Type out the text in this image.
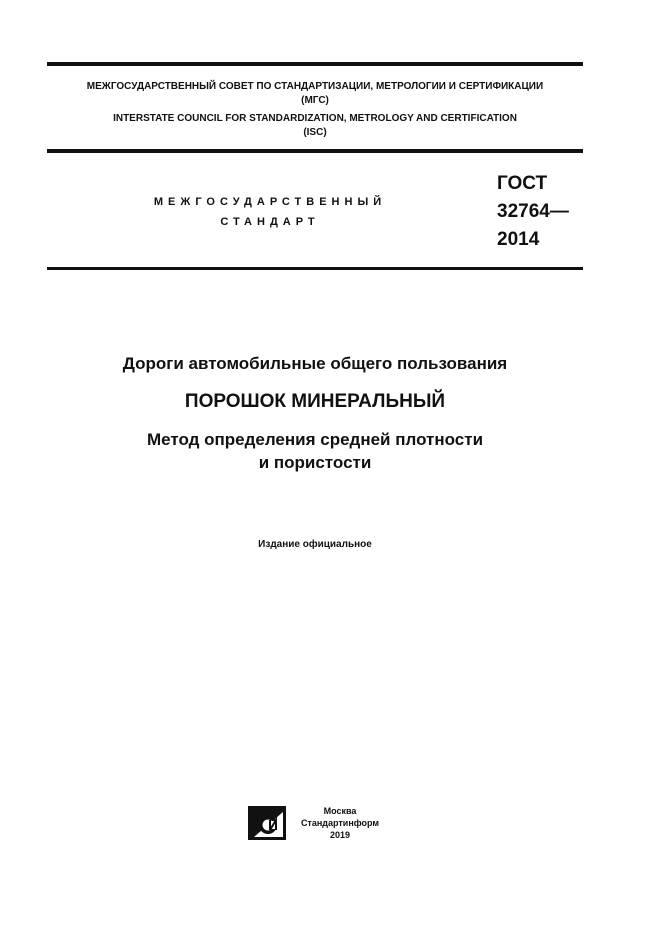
МЕЖГОСУДАРСТВЕННЫЙ СОВЕТ ПО СТАНДАРТИЗАЦИИ, МЕТРОЛОГИИ И СЕРТИФИКАЦИИ
(МГС)
INTERSTATE COUNCIL FOR STANDARDIZATION, METROLOGY AND CERTIFICATION
(ISC)
МЕЖГОСУДАРСТВЕННЫЙ
СТАНДАРТ
ГОСТ
32764—
2014
Дороги автомобильные общего пользования
ПОРОШОК МИНЕРАЛЬНЫЙ
Метод определения средней плотности
и пористости
Издание официальное
Москва
Стандартинформ
2019
